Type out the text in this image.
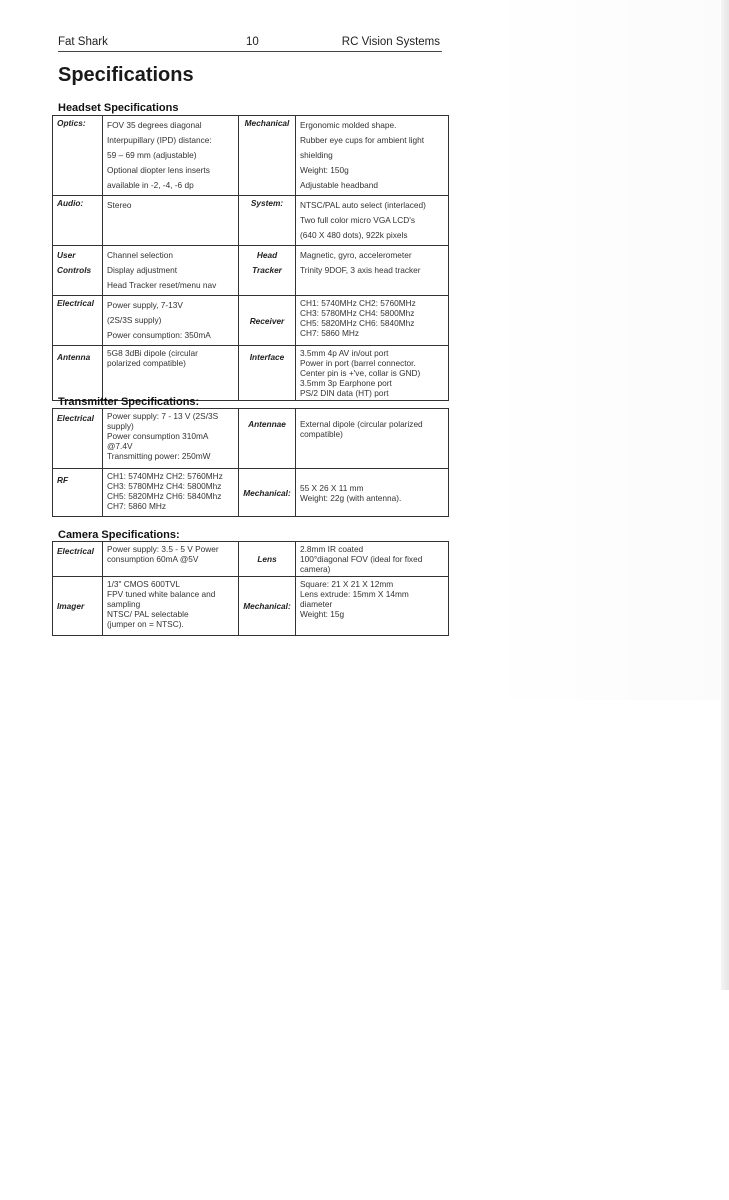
Fat Shark	10	RC Vision Systems
Specifications
Headset Specifications
Optics:	FOV 35 degrees diagonal
Interpupillary (IPD) distance:
59 – 69 mm (adjustable)
Optional diopter lens inserts
available in -2, -4, -6 dp	Mechanical	Ergonomic molded shape.
Rubber eye cups for ambient light
shielding
Weight: 150g
Adjustable headband

Audio:	Stereo	System:	NTSC/PAL auto select (interlaced)
Two full color micro VGA LCD's
(640 X 480 dots), 922k pixels

User Controls	Channel selection
Display adjustment
Head Tracker reset/menu nav	Head Tracker	Magnetic, gyro, accelerometer
Trinity 9DOF, 3 axis head tracker

Electrical	Power supply, 7-13V
(2S/3S supply)
Power consumption: 350mA	Receiver	CH1: 5740MHz CH2: 5760MHz
CH3: 5780MHz CH4: 5800Mhz
CH5: 5820MHz CH6: 5840Mhz
CH7: 5860 MHz

Antenna	5G8 3dBi dipole (circular
polarized compatible)	Interface	3.5mm 4p AV in/out port
Power in port (barrel connector.
Center pin is +'ve, collar is GND)
3.5mm 3p Earphone port
PS/2 DIN data (HT) port
Transmitter Specifications:
Electrical	Power supply: 7 - 13 V (2S/3S
supply)
Power consumption 310mA
@7.4V
Transmitting power: 250mW	Antennae	External dipole (circular polarized
compatible)

RF	CH1: 5740MHz CH2: 5760MHz
CH3: 5780MHz CH4: 5800Mhz
CH5: 5820MHz CH6: 5840Mhz
CH7: 5860 MHz	Mechanical:	55 X 26 X 11 mm
Weight: 22g (with antenna).
Camera Specifications:
Electrical	Power supply: 3.5 - 5 V Power
consumption 60mA @5V	Lens	2.8mm IR coated
100°diagonal FOV (ideal for fixed
camera)

Imager	1/3" CMOS 600TVL
FPV tuned white balance and
sampling
NTSC/ PAL selectable
(jumper on = NTSC).	Mechanical:	Square: 21 X 21 X 12mm
Lens extrude: 15mm X 14mm
diameter
Weight: 15g
